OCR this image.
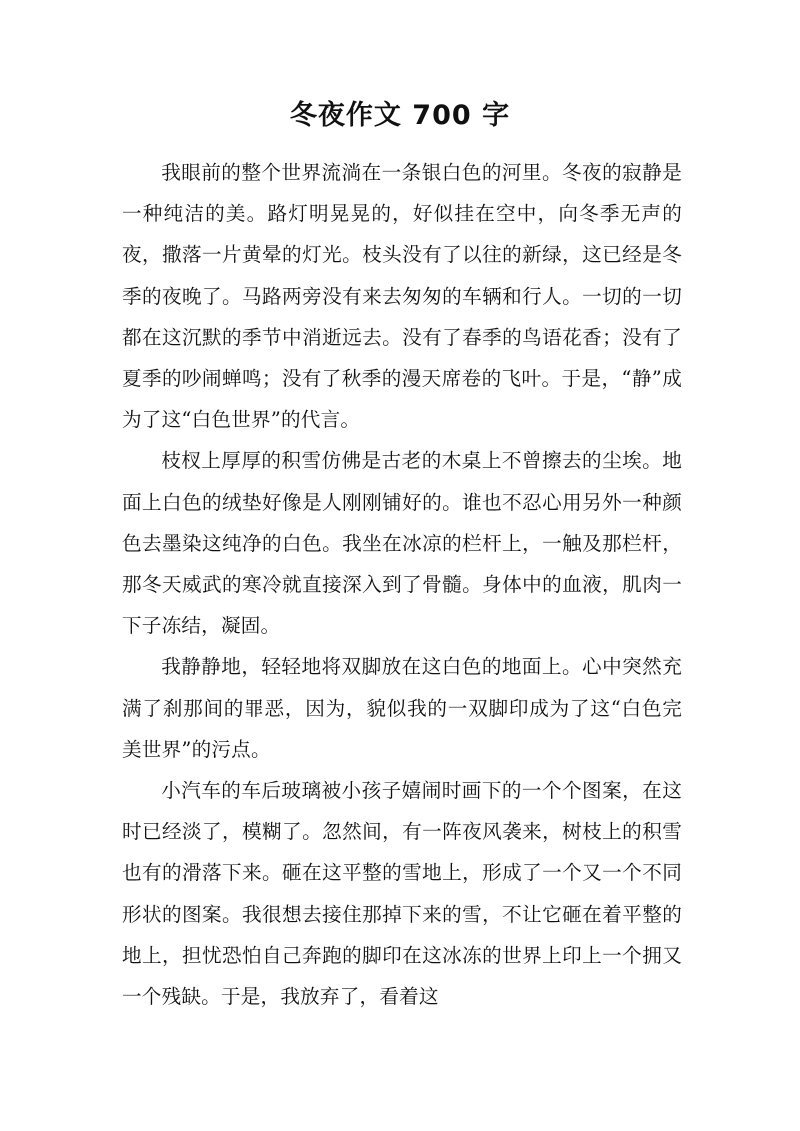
冬夜作文 700 字

我眼前的整个世界流淌在一条银白色的河里。冬夜的寂静是一种纯洁的美。路灯明晃晃的，好似挂在空中，向冬季无声的夜，撒落一片黄晕的灯光。枝头没有了以往的新绿，这已经是冬季的夜晚了。马路两旁没有来去匆匆的车辆和行人。一切的一切都在这沉默的季节中消逝远去。没有了春季的鸟语花香；没有了夏季的吵闹蝉鸣；没有了秋季的漫天席卷的飞叶。于是，“静”成为了这“白色世界”的代言。

枝杈上厚厚的积雪仿佛是古老的木桌上不曾擦去的尘埃。地面上白色的绒垫好像是人刚刚铺好的。谁也不忍心用另外一种颜色去墨染这纯净的白色。我坐在冰凉的栏杆上，一触及那栏杆，那冬天威武的寒冷就直接深入到了骨髓。身体中的血液，肌肉一下子冻结，凝固。

我静静地，轻轻地将双脚放在这白色的地面上。心中突然充满了刹那间的罪恶，因为，貌似我的一双脚印成为了这“白色完美世界”的污点。

小汽车的车后玻璃被小孩子嬉闹时画下的一个个图案，在这时已经淡了，模糊了。忽然间，有一阵夜风袭来，树枝上的积雪也有的滑落下来。砸在这平整的雪地上，形成了一个又一个不同形状的图案。我很想去接住那掉下来的雪，不让它砸在着平整的地上，担忧恐怕自己奔跑的脚印在这冰冻的世界上印上一个拥又一个残缺。于是，我放弃了，看着这
